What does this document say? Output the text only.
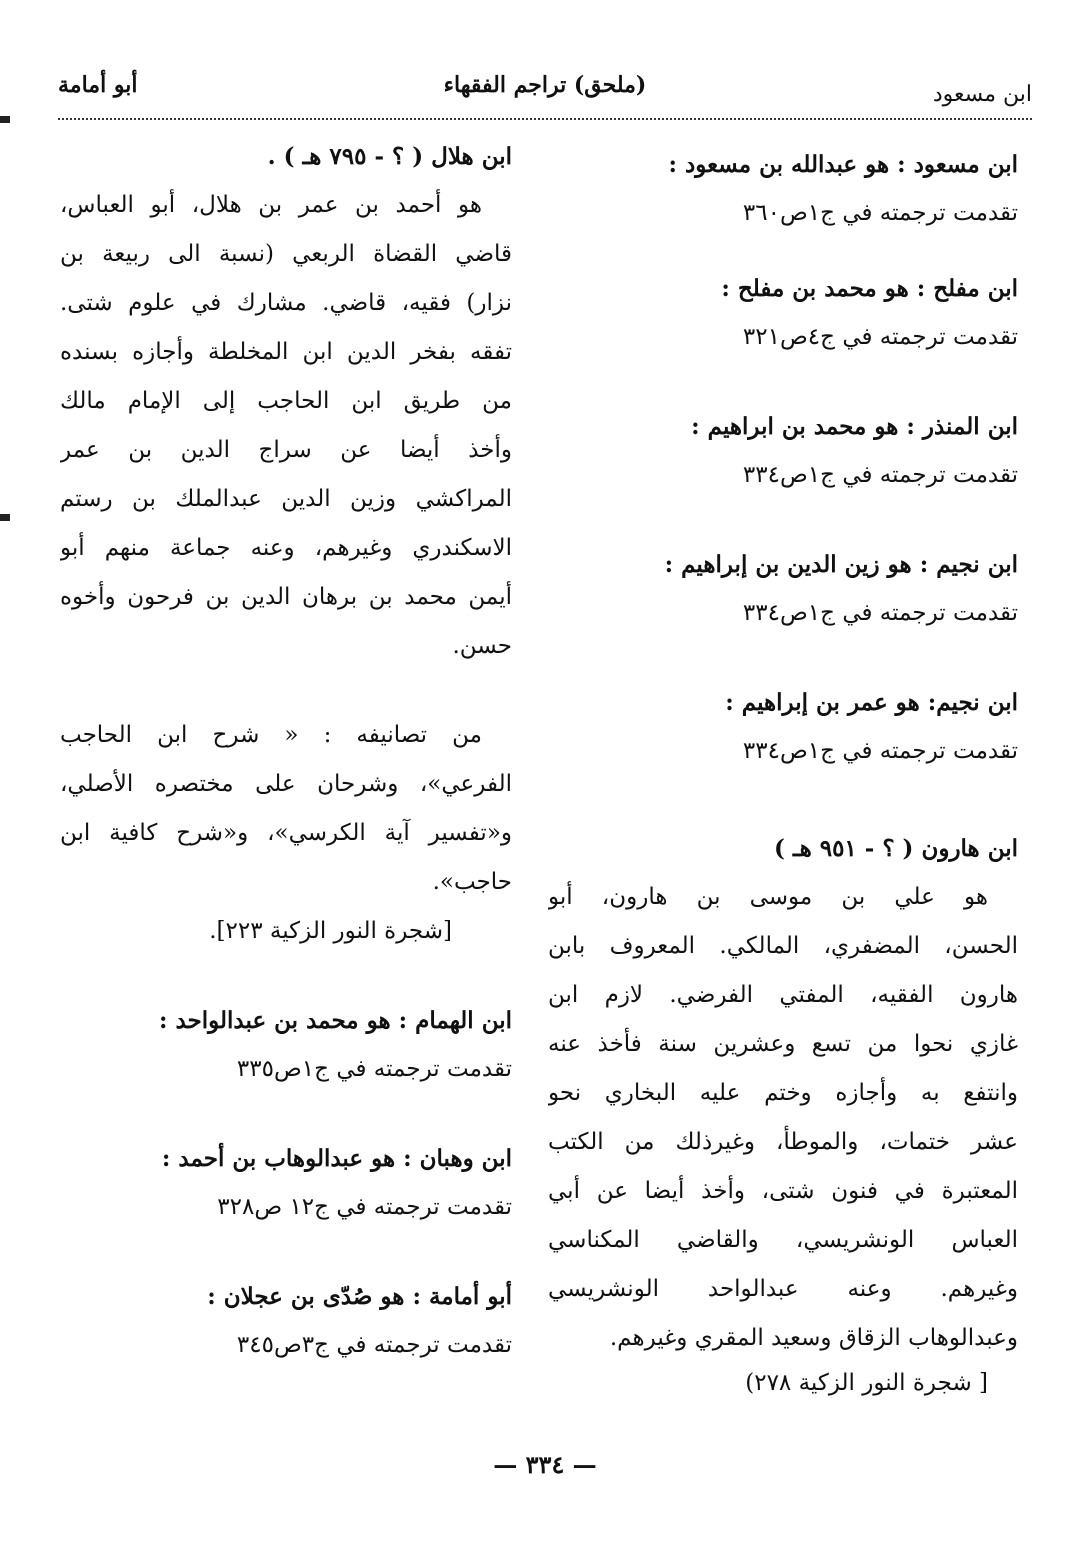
ابن مسعود
(ملحق) تراجم الفقهاء
أبو أمامة
ابن مسعود : هو عبدالله بن مسعود :
تقدمت ترجمته في ج١ص٣٦٠
ابن مفلح : هو محمد بن مفلح :
تقدمت ترجمته في ج٤ص٣٢١
ابن المنذر : هو محمد بن ابراهيم :
تقدمت ترجمته في ج١ص٣٣٤
ابن نجيم : هو زين الدين بن إبراهيم :
تقدمت ترجمته في ج١ص٣٣٤
ابن نجيم: هو عمر بن إبراهيم :
تقدمت ترجمته في ج١ص٣٣٤
ابن هارون ( ؟ - ٩٥١ هـ )
هو علي بن موسى بن هارون، أبو
الحسن، المضفري، المالكي. المعروف بابن
هارون الفقيه، المفتي الفرضي. لازم ابن
غازي نحوا من تسع وعشرين سنة فأخذ عنه
وانتفع به وأجازه وختم عليه البخاري نحو
عشر ختمات، والموطأ، وغيرذلك من الكتب
المعتبرة في فنون شتى، وأخذ أيضا عن أبي
العباس الونشريسي، والقاضي المكناسي
وغيرهم. وعنه عبدالواحد الونشريسي
وعبدالوهاب الزقاق وسعيد المقري وغيرهم.
[ شجرة النور الزكية ٢٧٨)
ابن هلال ( ؟ - ٧٩٥ هـ ) .
هو أحمد بن عمر بن هلال، أبو العباس،
قاضي القضاة الربعي (نسبة الى ربيعة بن
نزار) فقيه، قاضي. مشارك في علوم شتى.
تفقه بفخر الدين ابن المخلطة وأجازه بسنده
من طريق ابن الحاجب إلى الإمام مالك
وأخذ أيضا عن سراج الدين بن عمر
المراكشي وزين الدين عبدالملك بن رستم
الاسكندري وغيرهم، وعنه جماعة منهم أبو
أيمن محمد بن برهان الدين بن فرحون وأخوه
حسن.
من تصانيفه : « شرح ابن الحاجب
الفرعي»، وشرحان على مختصره الأصلي،
و«تفسير آية الكرسي»، و«شرح كافية ابن
حاجب».
[شجرة النور الزكية ٢٢٣].
ابن الهمام : هو محمد بن عبدالواحد :
تقدمت ترجمته في ج١ص٣٣٥
ابن وهبان : هو عبدالوهاب بن أحمد :
تقدمت ترجمته في ج١٢ ص٣٢٨
أبو أمامة : هو صُدّى بن عجلان :
تقدمت ترجمته في ج٣ص٣٤٥
— ٣٣٤ —
